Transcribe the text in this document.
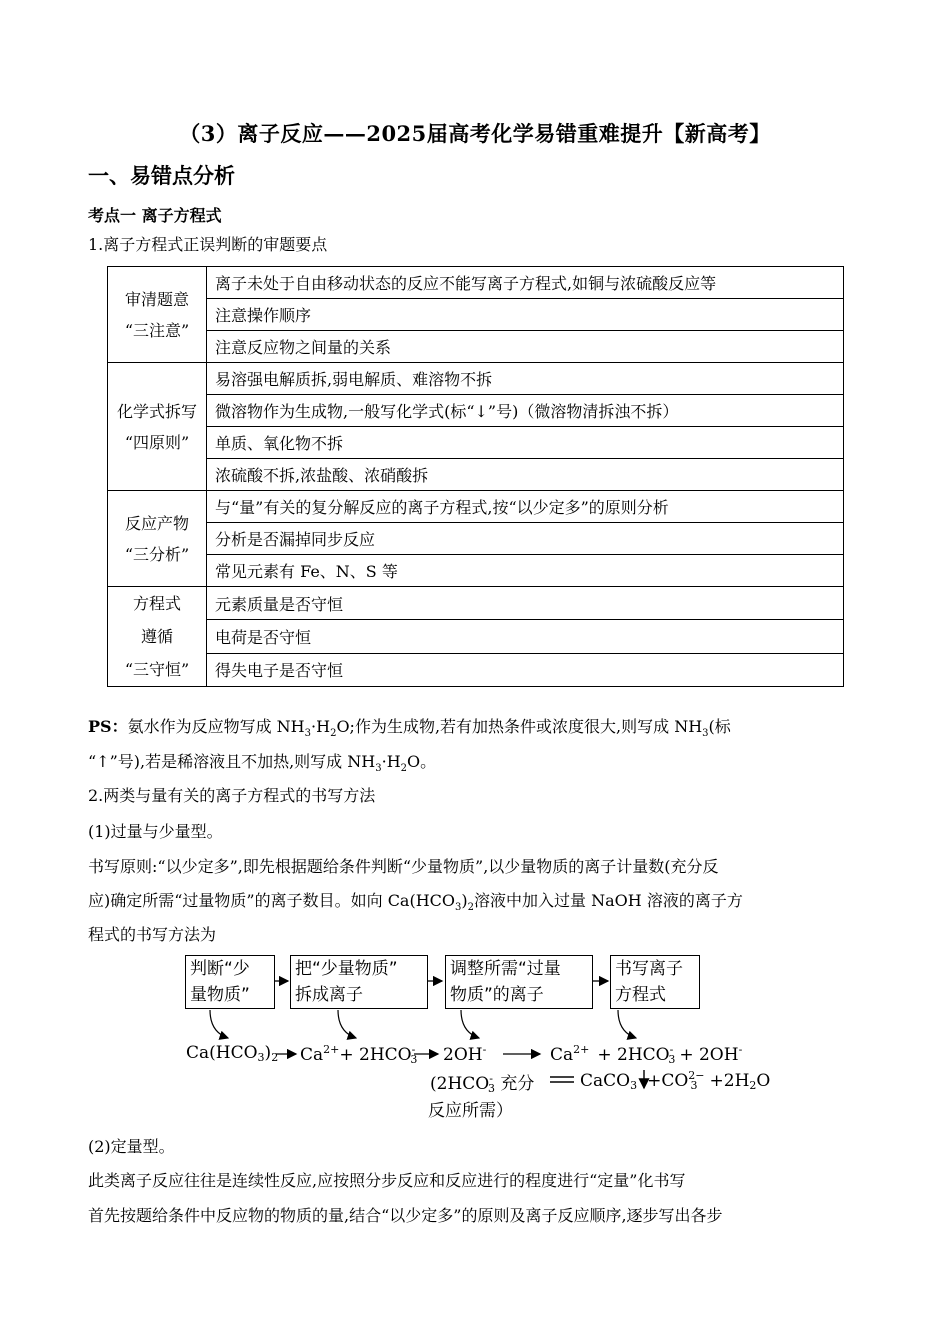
（3）离子反应——2025届高考化学易错重难提升【新高考】
一、易错点分析
考点一 离子方程式
1.离子方程式正误判断的审题要点
审清题意
“三注意”	离子未处于自由移动状态的反应不能写离子方程式,如铜与浓硫酸反应等
	注意操作顺序
	注意反应物之间量的关系

化学式拆写
“四原则”	易溶强电解质拆,弱电解质、难溶物不拆
	微溶物作为生成物,一般写化学式(标“↓”号)（微溶物清拆浊不拆）
	单质、氧化物不拆
	浓硫酸不拆,浓盐酸、浓硝酸拆

反应产物
“三分析”	与“量”有关的复分解反应的离子方程式,按“以少定多”的原则分析
	分析是否漏掉同步反应
	常见元素有 Fe、N、S 等

方程式
遵循
“三守恒”	元素质量是否守恒
	电荷是否守恒
	得失电子是否守恒
PS：氨水作为反应物写成 $NH_3\cdot H_2O$;作为生成物,若有加热条件或浓度很大,则写成 $NH_3$(标
“↑”号),若是稀溶液且不加热,则写成 $NH_3\cdot H_2O$。
2.两类与量有关的离子方程式的书写方法
(1)过量与少量型。
书写原则:“以少定多”,即先根据题给条件判断“少量物质”,以少量物质的离子计量数(充分反
应)确定所需“过量物质”的离子数目。如向 $Ca(HCO_3)_2$溶液中加入过量 NaOH 溶液的离子方
程式的书写方法为
判断“少
量物质”
把“少量物质”
拆成离子
调整所需“过量
物质”的离子
书写离子
方程式
$Ca(HCO_3)_2$ $Ca^{2+}+ 2HCO^-_3$ 2OH-	$Ca^{2+} + 2HCO^-_3 + 2OH^-$
($2HCO^-_3$ 充分	CaCO$_3$ $+CO^{2-}_3 +2H_2O$
反应所需）
(2)定量型。
此类离子反应往往是连续性反应,应按照分步反应和反应进行的程度进行“定量”化书写
首先按题给条件中反应物的物质的量,结合“以少定多”的原则及离子反应顺序,逐步写出各步
